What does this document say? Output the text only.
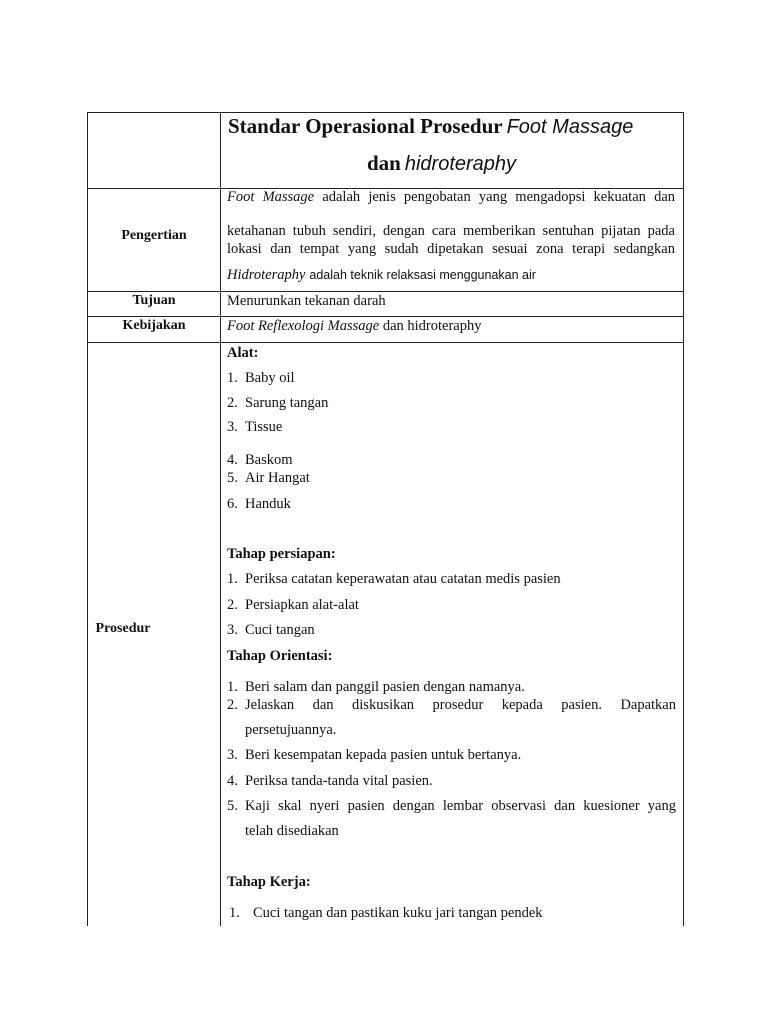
Standar Operasional Prosedur Foot Massage
dan hidroteraphy
Pengertian
Foot Massage adalah jenis pengobatan yang mengadopsi kekuatan dan
ketahanan tubuh sendiri, dengan cara memberikan sentuhan pijatan pada
lokasi dan tempat yang sudah dipetakan sesuai zona terapi sedangkan
Hidroteraphy adalah teknik relaksasi menggunakan air
Tujuan	Menurunkan tekanan darah
Kebijakan	Foot Reflexologi Massage dan hidroteraphy
Prosedur
Alat:
1. Baby oil
2. Sarung tangan
3. Tissue
4. Baskom
5. Air Hangat
6. Handuk
Tahap persiapan:
1. Periksa catatan keperawatan atau catatan medis pasien
2. Persiapkan alat-alat
3. Cuci tangan
Tahap Orientasi:
1. Beri salam dan panggil pasien dengan namanya.
2. Jelaskan dan diskusikan prosedur kepada pasien. Dapatkan
persetujuannya.
3. Beri kesempatan kepada pasien untuk bertanya.
4. Periksa tanda-tanda vital pasien.
5. Kaji skal nyeri pasien dengan lembar observasi dan kuesioner yang
telah disediakan
Tahap Kerja:
1. Cuci tangan dan pastikan kuku jari tangan pendek
